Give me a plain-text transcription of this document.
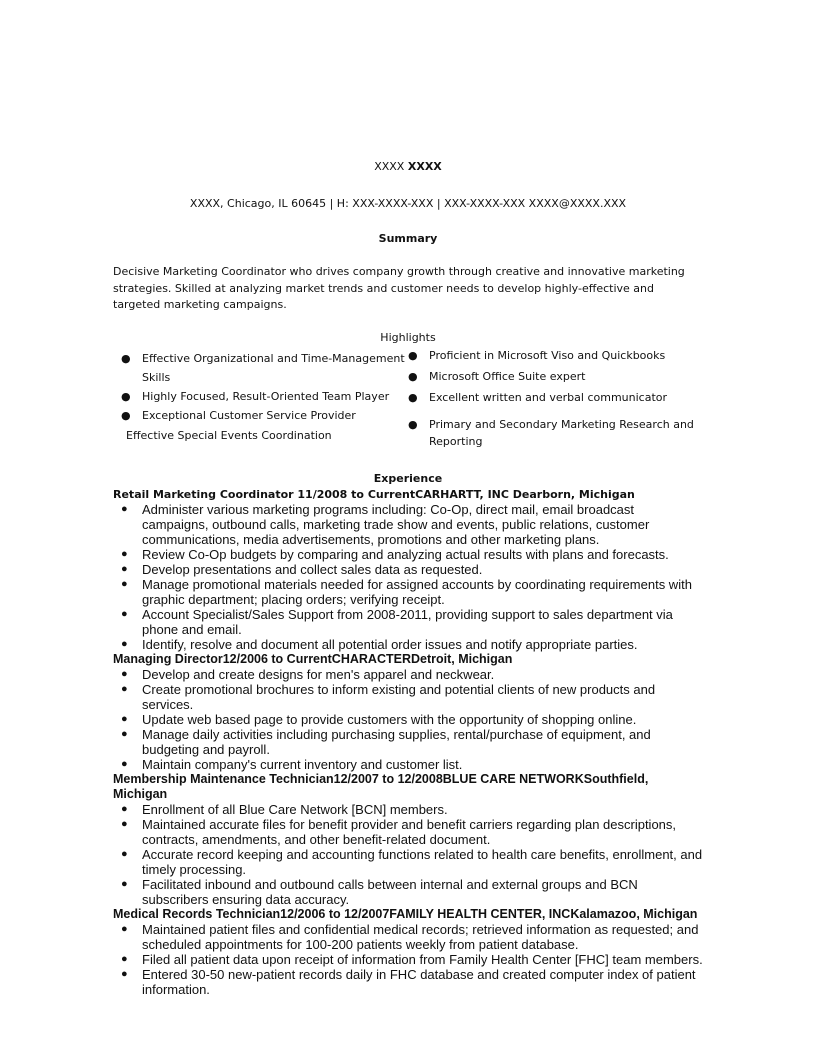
XXXX XXXX
XXXX, Chicago, IL 60645 | H: XXX-XXXX-XXX | XXX-XXXX-XXX XXXX@XXXX.XXX
Summary
Decisive Marketing Coordinator who drives company growth through creative and innovative marketing strategies. Skilled at analyzing market trends and customer needs to develop highly-effective and targeted marketing campaigns.
Highlights
● Effective Organizational and Time-Management Skills
● Highly Focused, Result-Oriented Team Player
● Exceptional Customer Service Provider
Effective Special Events Coordination
● Proficient in Microsoft Viso and Quickbooks
● Microsoft Office Suite expert
● Excellent written and verbal communicator
● Primary and Secondary Marketing Research and Reporting
Experience
Retail Marketing Coordinator 11/2008 to CurrentCARHARTT, INC Dearborn, Michigan
● Administer various marketing programs including: Co-Op, direct mail, email broadcast campaigns, outbound calls, marketing trade show and events, public relations, customer communications, media advertisements, promotions and other marketing plans.
● Review Co-Op budgets by comparing and analyzing actual results with plans and forecasts.
● Develop presentations and collect sales data as requested.
● Manage promotional materials needed for assigned accounts by coordinating requirements with graphic department; placing orders; verifying receipt.
● Account Specialist/Sales Support from 2008-2011, providing support to sales department via phone and email.
● Identify, resolve and document all potential order issues and notify appropriate parties.
Managing Director12/2006 to CurrentCHARACTERDetroit, Michigan
● Develop and create designs for men's apparel and neckwear.
● Create promotional brochures to inform existing and potential clients of new products and services.
● Update web based page to provide customers with the opportunity of shopping online.
● Manage daily activities including purchasing supplies, rental/purchase of equipment, and budgeting and payroll.
● Maintain company's current inventory and customer list.
Membership Maintenance Technician12/2007 to 12/2008BLUE CARE NETWORKSouthfield, Michigan
● Enrollment of all Blue Care Network [BCN] members.
● Maintained accurate files for benefit provider and benefit carriers regarding plan descriptions, contracts, amendments, and other benefit-related document.
● Accurate record keeping and accounting functions related to health care benefits, enrollment, and timely processing.
● Facilitated inbound and outbound calls between internal and external groups and BCN subscribers ensuring data accuracy.
Medical Records Technician12/2006 to 12/2007FAMILY HEALTH CENTER, INCKalamazoo, Michigan
● Maintained patient files and confidential medical records; retrieved information as requested; and scheduled appointments for 100-200 patients weekly from patient database.
● Filed all patient data upon receipt of information from Family Health Center [FHC] team members.
● Entered 30-50 new-patient records daily in FHC database and created computer index of patient information.
